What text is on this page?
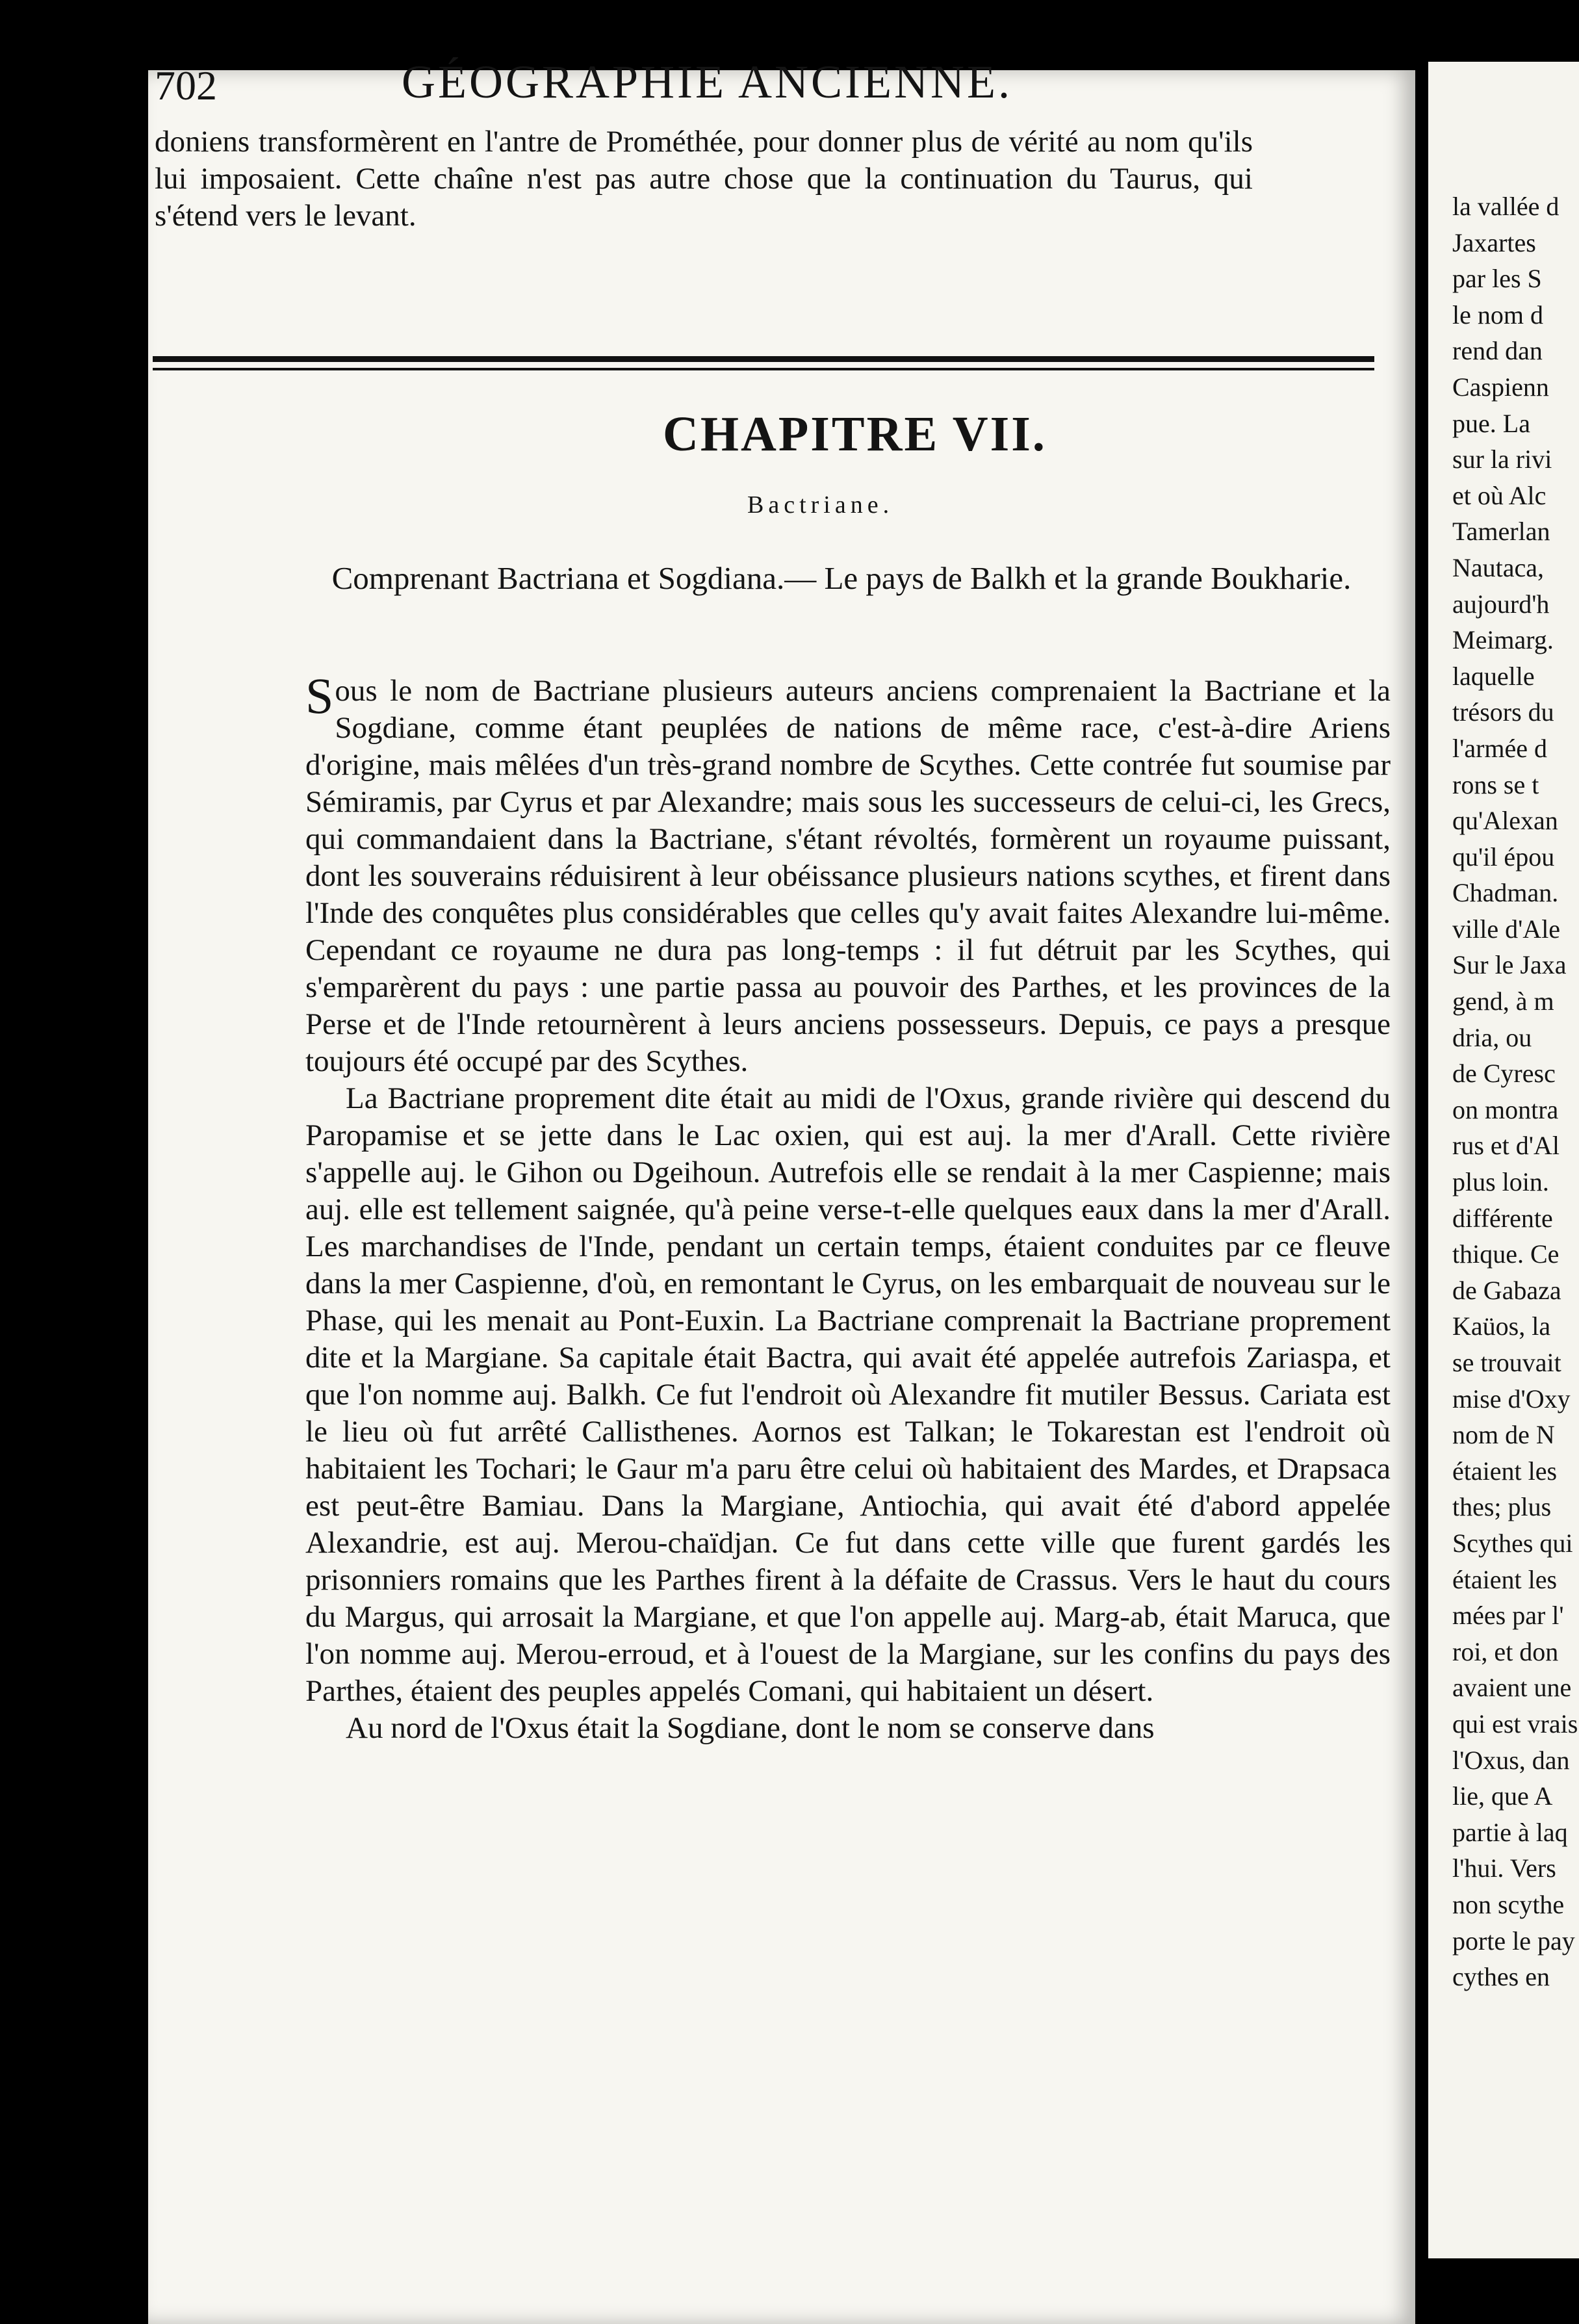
702	GÉOGRAPHIE ANCIENNE.

doniens transformèrent en l'antre de Prométhée, pour donner plus de vérité au nom qu'ils lui imposaient. Cette chaîne n'est pas autre chose que la continuation du Taurus, qui s'étend vers le levant.

CHAPITRE VII.
Bactriane.
Comprenant Bactriana et Sogdiana.— Le pays de Balkh et la grande Boukharie.

Sous le nom de Bactriane plusieurs auteurs anciens comprenaient la Bactriane et la Sogdiane, comme étant peuplées de nations de même race, c'est-à-dire Ariens d'origine, mais mêlées d'un très-grand nombre de Scythes. Cette contrée fut soumise par Sémiramis, par Cyrus et par Alexandre; mais sous les successeurs de celui-ci, les Grecs, qui commandaient dans la Bactriane, s'étant révoltés, formèrent un royaume puissant, dont les souverains réduisirent à leur obéissance plusieurs nations scythes, et firent dans l'Inde des conquêtes plus considérables que celles qu'y avait faites Alexandre lui-même. Cependant ce royaume ne dura pas long-temps : il fut détruit par les Scythes, qui s'emparèrent du pays : une partie passa au pouvoir des Parthes, et les provinces de la Perse et de l'Inde retournèrent à leurs anciens possesseurs. Depuis, ce pays a presque toujours été occupé par des Scythes.

La Bactriane proprement dite était au midi de l'Oxus, grande rivière qui descend du Paropamise et se jette dans le Lac oxien, qui est auj. la mer d'Arall. Cette rivière s'appelle auj. le Gihon ou Dgeihoun. Autrefois elle se rendait à la mer Caspienne; mais auj. elle est tellement saignée, qu'à peine verse-t-elle quelques eaux dans la mer d'Arall. Les marchandises de l'Inde, pendant un certain temps, étaient conduites par ce fleuve dans la mer Caspienne, d'où, en remontant le Cyrus, on les embarquait de nouveau sur le Phase, qui les menait au Pont-Euxin. La Bactriane comprenait la Bactriane proprement dite et la Margiane. Sa capitale était Bactra, qui avait été appelée autrefois Zariaspa, et que l'on nomme auj. Balkh. Ce fut l'endroit où Alexandre fit mutiler Bessus. Cariata est le lieu où fut arrêté Callisthenes. Aornos est Talkan; le Tokarestan est l'endroit où habitaient les Tochari; le Gaur m'a paru être celui où habitaient des Mardes, et Drapsaca est peut-être Bamiau. Dans la Margiane, Antiochia, qui avait été d'abord appelée Alexandrie, est auj. Merou-chaïdjan. Ce fut dans cette ville que furent gardés les prisonniers romains que les Parthes firent à la défaite de Crassus. Vers le haut du cours du Margus, qui arrosait la Margiane, et que l'on appelle auj. Marg-ab, était Maruca, que l'on nomme auj. Merou-erroud, et à l'ouest de la Margiane, sur les confins du pays des Parthes, étaient des peuples appelés Comani, qui habitaient un désert.

Au nord de l'Oxus était la Sogdiane, dont le nom se conserve dans

la vallée d
Jaxartes
par les S
le nom d
rend dan
Caspienn
pue. La
sur la rivi
et où Alc
Tamerlan
Nautaca,
aujourd'h
Meimarg.
laquelle
trésors du
l'armée d
rons se t
qu'Alexan
qu'il épou
Chadman.
ville d'Ale
Sur le Jaxa
gend, à m
dria, ou
de Cyresc
on montra
rus et d'Al
plus loin.
différente
thique. Ce
de Gabaza
Kaüos, la
se trouvait
mise d'Oxy
nom de N
étaient les
thes; plus
Scythes qui
étaient les
mées par l'
roi, et don
avaient une
qui est vrais
l'Oxus, dan
lie, que A
partie à laq
l'hui. Vers
non scythe
porte le pay
cythes en
